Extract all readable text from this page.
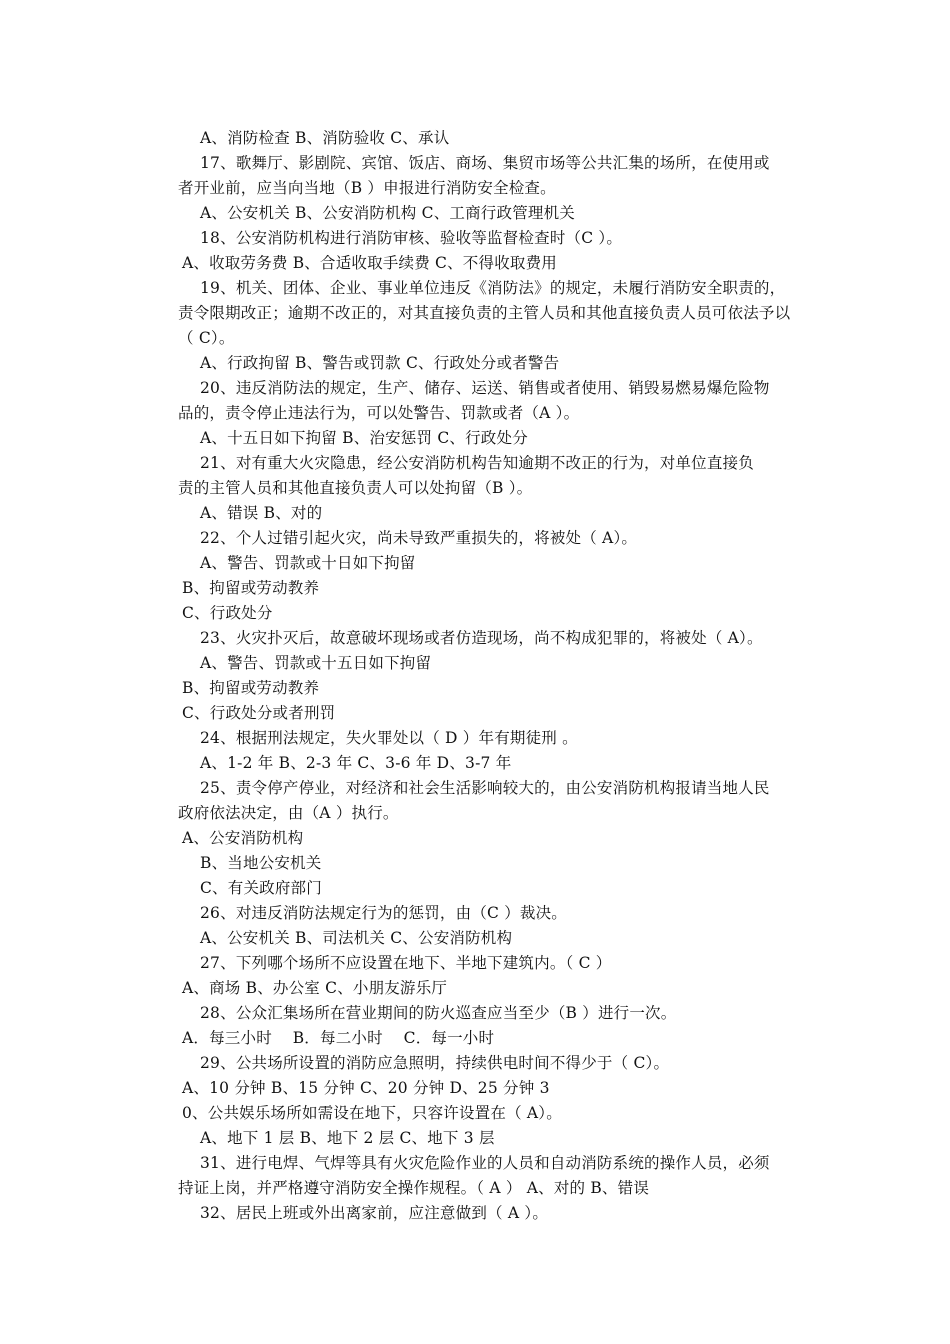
A、消防检查 B、消防验收 C、承认
17、歌舞厅、影剧院、宾馆、饭店、商场、集贸市场等公共汇集的场所，在使用或
者开业前，应当向当地（B ）申报进行消防安全检查。
A、公安机关 B、公安消防机构 C、工商行政管理机关
18、公安消防机构进行消防审核、验收等监督检查时（C ）。
A、收取劳务费 B、合适收取手续费 C、不得收取费用
19、机关、团体、企业、事业单位违反《消防法》的规定，未履行消防安全职责的，
责令限期改正；逾期不改正的，对其直接负责的主管人员和其他直接负责人员可依法予以
（ C）。
A、行政拘留 B、警告或罚款 C、行政处分或者警告
20、违反消防法的规定，生产、储存、运送、销售或者使用、销毁易燃易爆危险物
品的，责令停止违法行为，可以处警告、罚款或者（A ）。
A、十五日如下拘留 B、治安惩罚 C、行政处分
21、对有重大火灾隐患，经公安消防机构告知逾期不改正的行为，对单位直接负
责的主管人员和其他直接负责人可以处拘留（B ）。
A、错误 B、对的
22、个人过错引起火灾，尚未导致严重损失的，将被处（ A）。
A、警告、罚款或十日如下拘留
B、拘留或劳动教养
C、行政处分
23、火灾扑灭后，故意破坏现场或者仿造现场，尚不构成犯罪的，将被处（ A）。
A、警告、罚款或十五日如下拘留
B、拘留或劳动教养
C、行政处分或者刑罚
24、根据刑法规定，失火罪处以（ D ）年有期徒刑 。
A、1-2 年 B、2-3 年 C、3-6 年 D、3-7 年
25、责令停产停业，对经济和社会生活影响较大的，由公安消防机构报请当地人民
政府依法决定，由（A ）执行。
A、公安消防机构
B、当地公安机关
C、有关政府部门
26、对违反消防法规定行为的惩罚，由（C ）裁决。
A、公安机关 B、司法机关 C、公安消防机构
27、下列哪个场所不应设置在地下、半地下建筑内。（ C ）
A、商场 B、办公室 C、小朋友游乐厅
28、公众汇集场所在营业期间的防火巡查应当至少（B ）进行一次。
A．每三小时　 B．每二小时　 C．每一小时
29、公共场所设置的消防应急照明，持续供电时间不得少于（ C）。
A、10 分钟 B、15 分钟 C、20 分钟 D、25 分钟 3
0、公共娱乐场所如需设在地下，只容许设置在（ A）。
A、地下 1 层 B、地下 2 层 C、地下 3 层
31、进行电焊、气焊等具有火灾危险作业的人员和自动消防系统的操作人员，必须
持证上岗，并严格遵守消防安全操作规程。（ A ） A、对的 B、错误
32、居民上班或外出离家前，应注意做到（ A ）。
